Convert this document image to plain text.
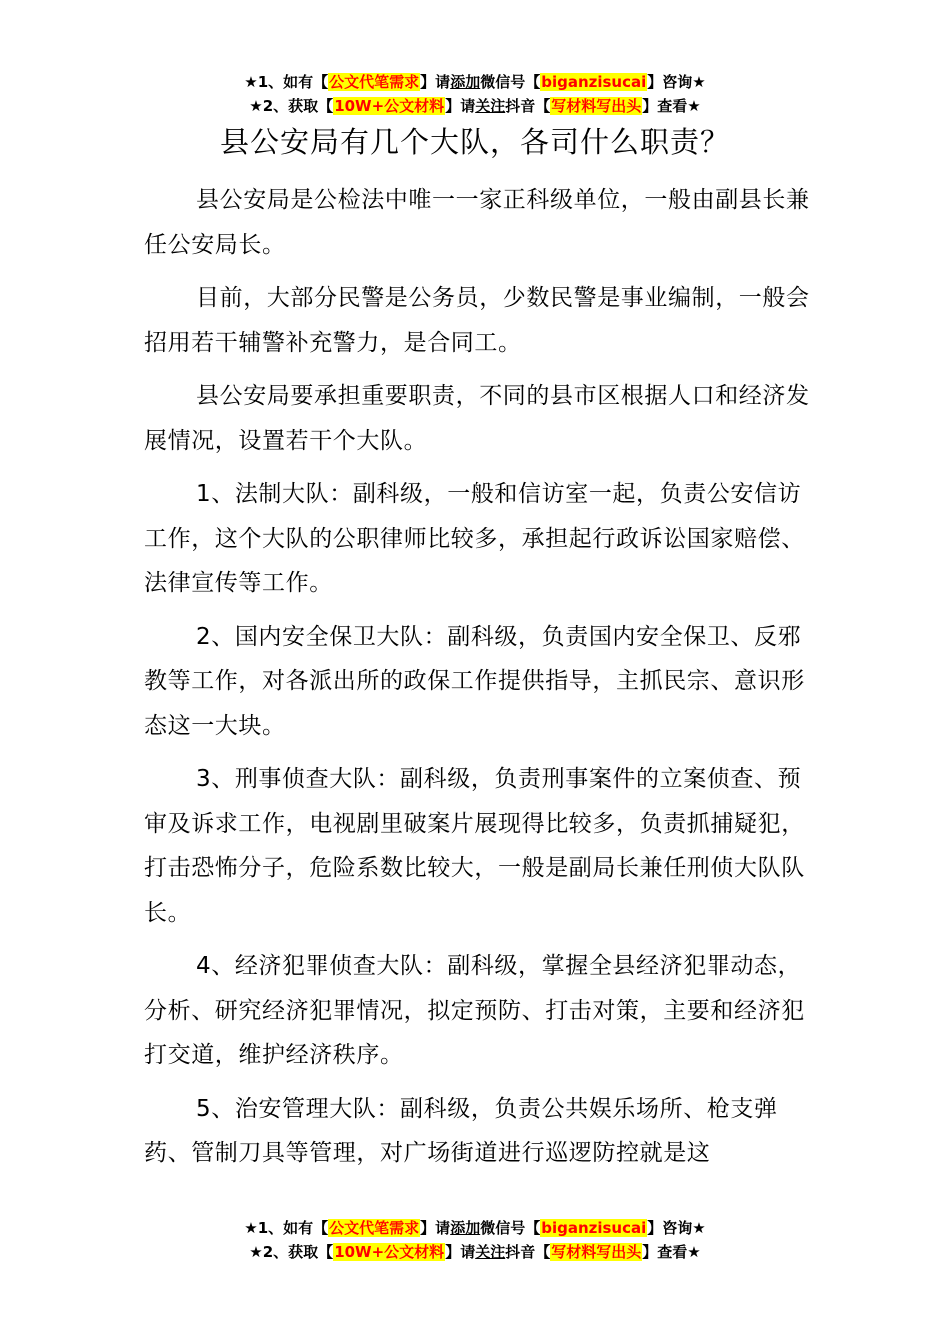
★1、如有【公文代笔需求】请添加微信号【biganzisucai】咨询★
★2、获取【10W+公文材料】请关注抖音【写材料写出头】查看★
县公安局有几个大队，各司什么职责？

县公安局是公检法中唯一一家正科级单位，一般由副县长兼任公安局长。

目前，大部分民警是公务员，少数民警是事业编制，一般会招用若干辅警补充警力，是合同工。

县公安局要承担重要职责，不同的县市区根据人口和经济发展情况，设置若干个大队。

1、法制大队：副科级，一般和信访室一起，负责公安信访工作，这个大队的公职律师比较多，承担起行政诉讼国家赔偿、法律宣传等工作。

2、国内安全保卫大队：副科级，负责国内安全保卫、反邪教等工作，对各派出所的政保工作提供指导，主抓民宗、意识形态这一大块。

3、刑事侦查大队：副科级，负责刑事案件的立案侦查、预审及诉求工作，电视剧里破案片展现得比较多，负责抓捕疑犯，打击恐怖分子，危险系数比较大，一般是副局长兼任刑侦大队队长。

4、经济犯罪侦查大队：副科级，掌握全县经济犯罪动态，分析、研究经济犯罪情况，拟定预防、打击对策，主要和经济犯打交道，维护经济秩序。

5、治安管理大队：副科级，负责公共娱乐场所、枪支弹药、管制刀具等管理，对广场街道进行巡逻防控就是这

★1、如有【公文代笔需求】请添加微信号【biganzisucai】咨询★
★2、获取【10W+公文材料】请关注抖音【写材料写出头】查看★
